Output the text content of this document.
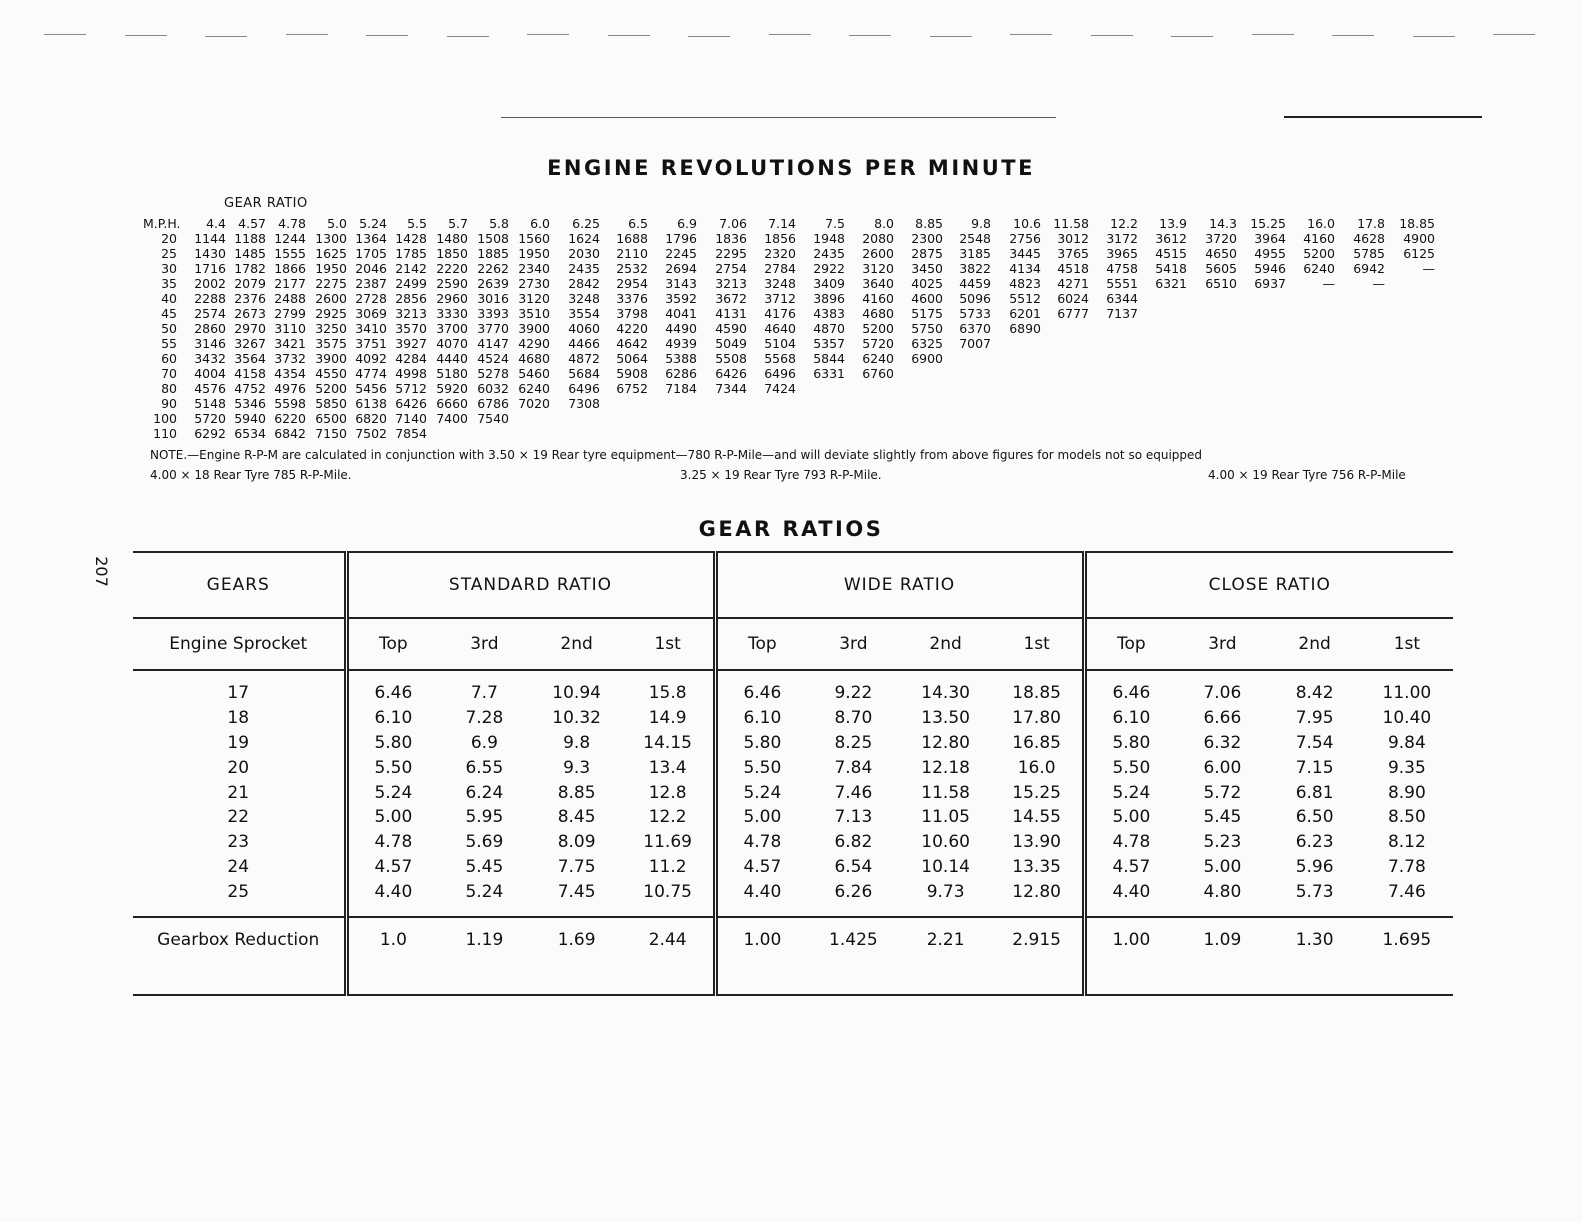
207
ENGINE REVOLUTIONS PER MINUTE
GEAR RATIO
M.P.H.	4.4 4.57 4.78	5.0 5.24	5.5	5.7	5.8	6.0	6.25	6.5	6.9	7.06	7.14	7.5	8.0	8.85	9.8	10.6 11.58	12.2	13.9	14.3	15.25	16.0	17.8	18.85
20	1144 1188 1244 1300 1364 1428 1480 1508 1560	1624	1688	1796	1836	1856	1948	2080	2300	2548	2756	3012	3172	3612	3720	3964	4160	4628	4900
25	1430 1485 1555 1625 1705 1785 1850 1885 1950	2030	2110	2245	2295	2320	2435	2600	2875	3185	3445	3765	3965	4515	4650	4955	5200	5785	6125
30	1716 1782 1866 1950 2046 2142 2220 2262 2340	2435	2532	2694	2754	2784	2922	3120	3450	3822	4134	4518	4758	5418	5605	5946	6240	6942	—
35	2002 2079 2177 2275 2387 2499 2590 2639 2730	2842	2954	3143	3213	3248	3409	3640	4025	4459	4823	4271	5551	6321	6510	6937	—	—
40	2288 2376 2488 2600 2728 2856 2960 3016 3120	3248	3376	3592	3672	3712	3896	4160	4600	5096	5512	6024	6344
45	2574 2673 2799 2925 3069 3213 3330 3393 3510	3554	3798	4041	4131	4176	4383	4680	5175	5733	6201	6777	7137
50	2860 2970 3110 3250 3410 3570 3700 3770 3900	4060	4220	4490	4590	4640	4870	5200	5750	6370	6890
55	3146 3267 3421 3575 3751 3927 4070 4147 4290	4466	4642	4939	5049	5104	5357	5720	6325	7007
60	3432 3564 3732 3900 4092 4284 4440 4524 4680	4872	5064	5388	5508	5568	5844	6240	6900
70	4004 4158 4354 4550 4774 4998 5180 5278 5460	5684	5908	6286	6426	6496	6331	6760
80	4576 4752 4976 5200 5456 5712 5920 6032 6240	6496	6752	7184	7344	7424
90	5148 5346 5598 5850 6138 6426 6660 6786 7020	7308
100	5720 5940 6220 6500 6820 7140 7400 7540
110	6292 6534 6842 7150 7502 7854
NOTE.—Engine R-P-M are calculated in conjunction with 3.50 × 19 Rear tyre equipment—780 R-P-Mile—and will deviate slightly from above figures for models not so equipped
4.00 × 18 Rear Tyre 785 R-P-Mile.	3.25 × 19 Rear Tyre 793 R-P-Mile.	4.00 × 19 Rear Tyre 756 R-P-Mile
GEAR RATIOS
GEARS	STANDARD RATIO				WIDE RATIO				CLOSE RATIO			
Engine Sprocket	Top	3rd	2nd	1st	Top	3rd	2nd	1st	Top	3rd	2nd	1st
17	6.46	7.7	10.94	15.8	6.46	9.22	14.30	18.85	6.46	7.06	8.42	11.00
18	6.10	7.28	10.32	14.9	6.10	8.70	13.50	17.80	6.10	6.66	7.95	10.40
19	5.80	6.9	9.8	14.15	5.80	8.25	12.80	16.85	5.80	6.32	7.54	9.84
20	5.50	6.55	9.3	13.4	5.50	7.84	12.18	16.0	5.50	6.00	7.15	9.35
21	5.24	6.24	8.85	12.8	5.24	7.46	11.58	15.25	5.24	5.72	6.81	8.90
22	5.00	5.95	8.45	12.2	5.00	7.13	11.05	14.55	5.00	5.45	6.50	8.50
23	4.78	5.69	8.09	11.69	4.78	6.82	10.60	13.90	4.78	5.23	6.23	8.12
24	4.57	5.45	7.75	11.2	4.57	6.54	10.14	13.35	4.57	5.00	5.96	7.78
25	4.40	5.24	7.45	10.75	4.40	6.26	9.73	12.80	4.40	4.80	5.73	7.46
Gearbox Reduction	1.0	1.19	1.69	2.44	1.00	1.425	2.21	2.915	1.00	1.09	1.30	1.695
